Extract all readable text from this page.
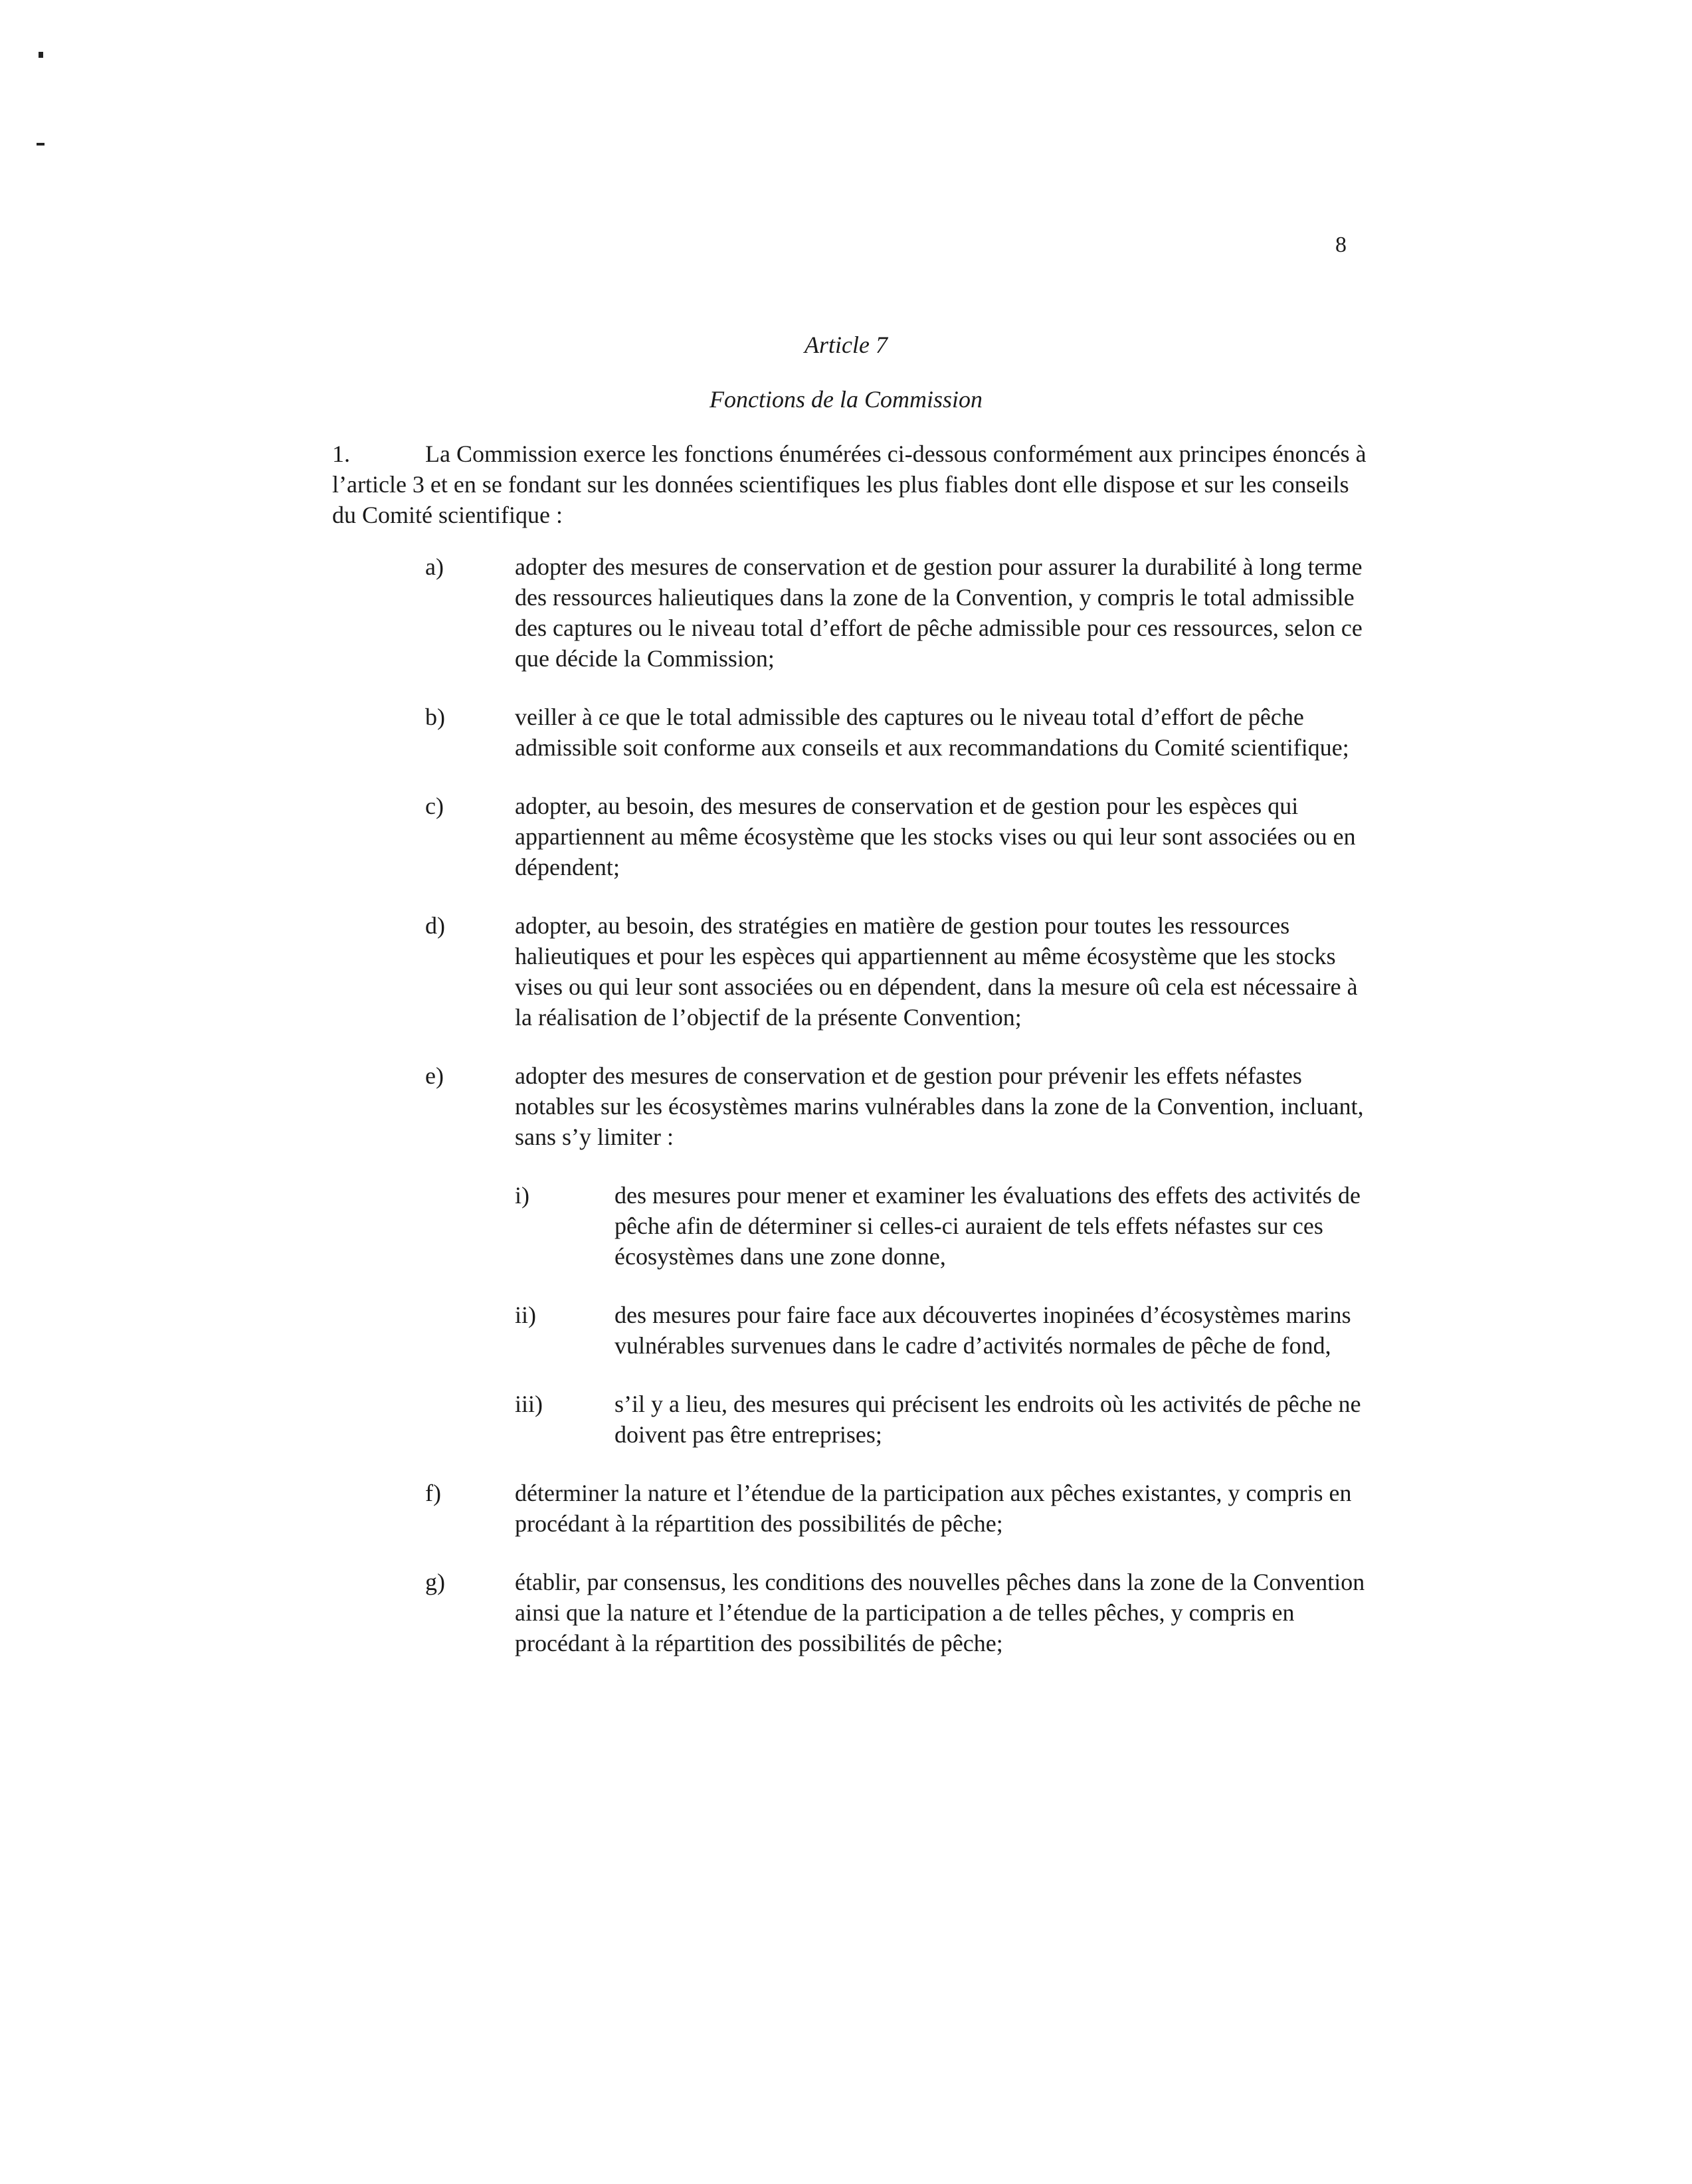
8
Article 7
Fonctions de la Commission
1.	La Commission exerce les fonctions énumérées ci-dessous conformément aux principes énoncés à l’article 3 et en se fondant sur les données scientifiques les plus fiables dont elle dispose et sur les conseils du Comité scientifique :
a)	adopter des mesures de conservation et de gestion pour assurer la durabilité à long terme des ressources halieutiques dans la zone de la Convention, y compris le total admissible des captures ou le niveau total d’effort de pêche admissible pour ces ressources, selon ce que décide la Commission;
b)	veiller à ce que le total admissible des captures ou le niveau total d’effort de pêche admissible soit conforme aux conseils et aux recommandations du Comité scientifique;
c)	adopter, au besoin, des mesures de conservation et de gestion pour les espèces qui appartiennent au même écosystème que les stocks vises ou qui leur sont associées ou en dépendent;
d)	adopter, au besoin, des stratégies en matière de gestion pour toutes les ressources halieutiques et pour les espèces qui appartiennent au même écosystème que les stocks vises ou qui leur sont associées ou en dépendent, dans la mesure oû cela est nécessaire à la réalisation de l’objectif de la présente Convention;
e)	adopter des mesures de conservation et de gestion pour prévenir les effets néfastes notables sur les écosystèmes marins vulnérables dans la zone de la Convention, incluant, sans s’y limiter :
i)	des mesures pour mener et examiner les évaluations des effets des activités de pêche afin de déterminer si celles-ci auraient de tels effets néfastes sur ces écosystèmes dans une zone donne,
ii)	des mesures pour faire face aux découvertes inopinées d’écosystèmes marins vulnérables survenues dans le cadre d’activités normales de pêche de fond,
iii)	s’il y a lieu, des mesures qui précisent les endroits où les activités de pêche ne doivent pas être entreprises;
f)	déterminer la nature et l’étendue de la participation aux pêches existantes, y compris en procédant à la répartition des possibilités de pêche;
g)	établir, par consensus, les conditions des nouvelles pêches dans la zone de la Convention ainsi que la nature et l’étendue de la participation a de telles pêches, y compris en procédant à la répartition des possibilités de pêche;
